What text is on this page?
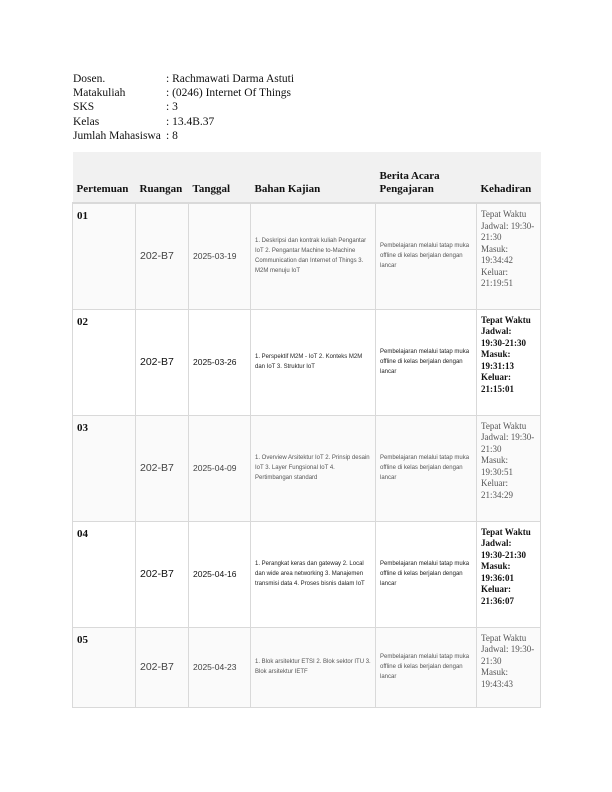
Dosen.	: Rachmawati Darma Astuti
Matakuliah	: (0246) Internet Of Things
SKS	: 3
Kelas	: 13.4B.37
Jumlah Mahasiswa : 8
Pertemuan	Ruangan	Tanggal	Bahan Kajian	Berita Acara Pengajaran	Kehadiran
01	202-B7	2025-03-19	1. Deskripsi dan kontrak kuliah Pengantar IoT 2. Pengantar Machine to-Machine Communication dan Internet of Things 3. M2M menuju IoT	Pembelajaran melalui tatap muka offline di kelas berjalan dengan lancar	Tepat Waktu
Jadwal: 19:30-21:30
Masuk: 19:34:42
Keluar: 21:19:51

02	202-B7	2025-03-26	1. Perspektif M2M - IoT 2. Konteks M2M dan IoT 3. Struktur IoT	Pembelajaran melalui tatap muka offline di kelas berjalan dengan lancar	Tepat Waktu
Jadwal: 19:30-21:30
Masuk: 19:31:13
Keluar: 21:15:01

03	202-B7	2025-04-09	1. Overview Arsitektur IoT 2. Prinsip desain IoT 3. Layer Fungsional IoT 4. Pertimbangan standard	Pembelajaran melalui tatap muka offline di kelas berjalan dengan lancar	Tepat Waktu
Jadwal: 19:30-21:30
Masuk: 19:30:51
Keluar: 21:34:29

04	202-B7	2025-04-16	1. Perangkat keras dan gateway 2. Local dan wide area networking 3. Manajemen transmisi data 4. Proses bisnis dalam IoT	Pembelajaran melalui tatap muka offline di kelas berjalan dengan lancar	Tepat Waktu
Jadwal: 19:30-21:30
Masuk: 19:36:01
Keluar: 21:36:07

05	202-B7	2025-04-23	1. Blok arsitektur ETSI 2. Blok sektor ITU 3. Blok arsitektur IETF	Pembelajaran melalui tatap muka offline di kelas berjalan dengan lancar	Tepat Waktu
Jadwal: 19:30-21:30
Masuk: 19:43:43
